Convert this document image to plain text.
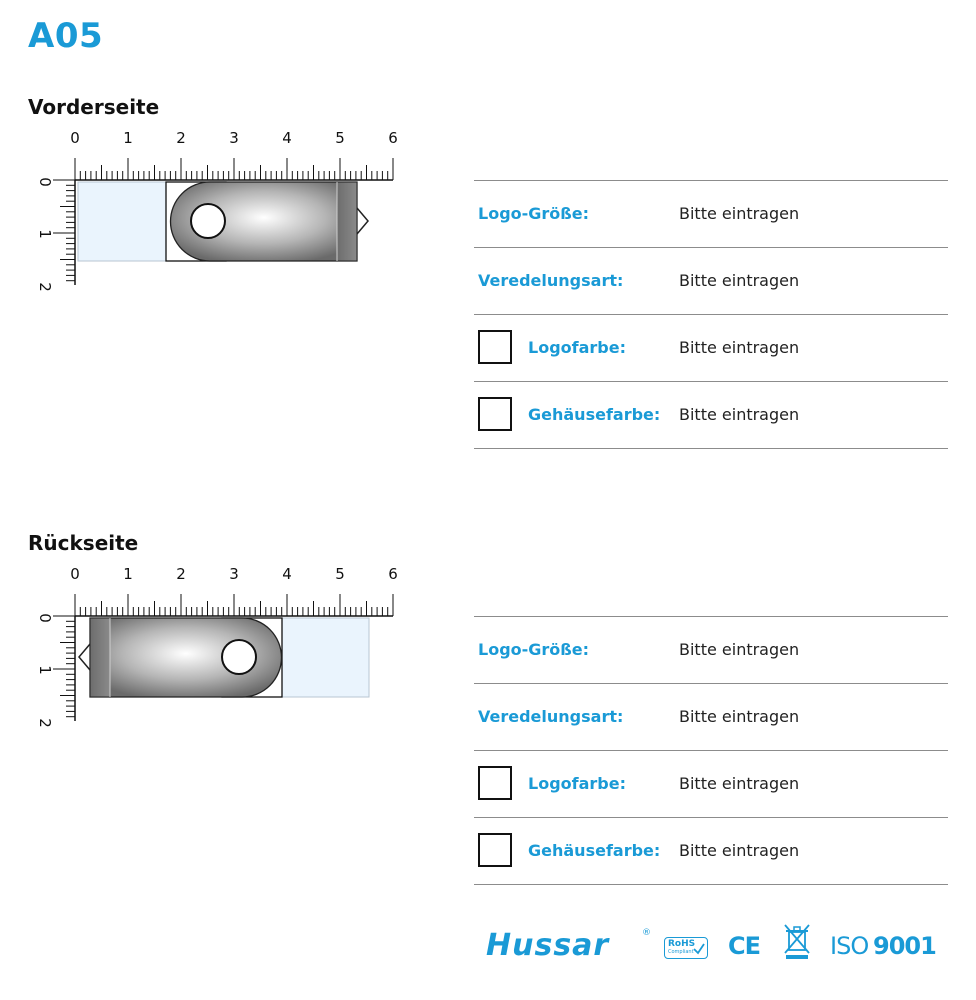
A05
Vorderseite
0	1	2	3	4	5	6
0
1
2
Logo-Größe:	Bitte eintragen
Veredelungsart:	Bitte eintragen
Logofarbe:	Bitte eintragen
Gehäusefarbe: Bitte eintragen
Rückseite
0	1	2	3	4	5	6
0
1
2
Logo-Größe:	Bitte eintragen
Veredelungsart:	Bitte eintragen
Logofarbe:	Bitte eintragen
Gehäusefarbe: Bitte eintragen
Hussar	®
RoHS
Compliant CE	ISO 9001
